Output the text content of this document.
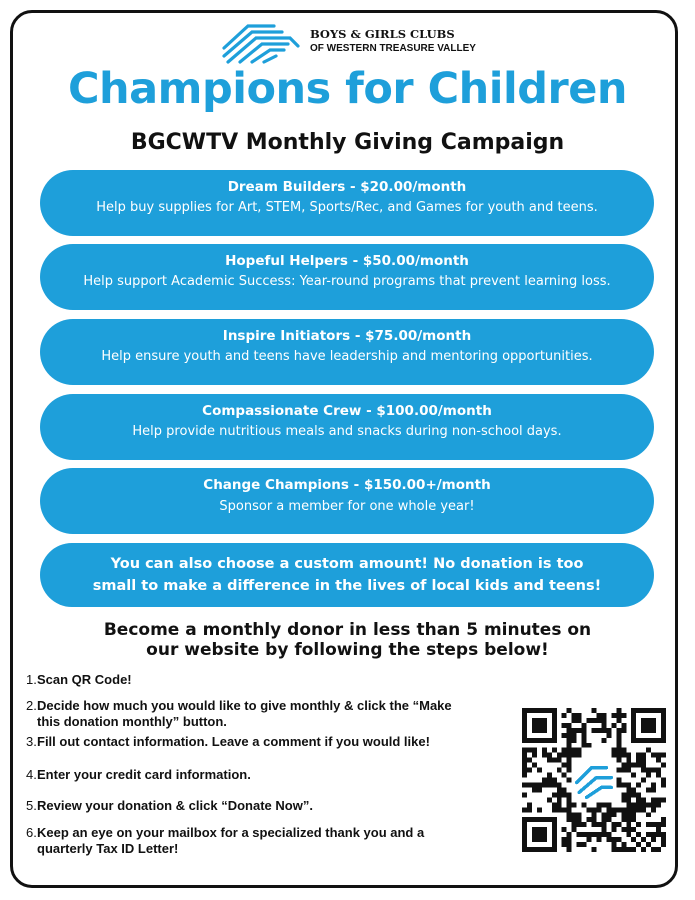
BOYS & GIRLS CLUBS
OF WESTERN TREASURE VALLEY
Champions for Children
BGCWTV Monthly Giving Campaign
Dream Builders - $20.00/month
Help buy supplies for Art, STEM, Sports/Rec, and Games for youth and teens.
Hopeful Helpers - $50.00/month
Help support Academic Success: Year-round programs that prevent learning loss.
Inspire Initiators - $75.00/month
Help ensure youth and teens have leadership and mentoring opportunities.
Compassionate Crew - $100.00/month
Help provide nutritious meals and snacks during non-school days.
Change Champions - $150.00+/month
Sponsor a member for one whole year!
You can also choose a custom amount! No donation is too
small to make a difference in the lives of local kids and teens!
Become a monthly donor in less than 5 minutes on
our website by following the steps below!
1. Scan QR Code!
2. Decide how much you would like to give monthly & click the “Make
this donation monthly” button.
3. Fill out contact information. Leave a comment if you would like!
4. Enter your credit card information.
5. Review your donation & click “Donate Now”.
6. Keep an eye on your mailbox for a specialized thank you and a
quarterly Tax ID Letter!
